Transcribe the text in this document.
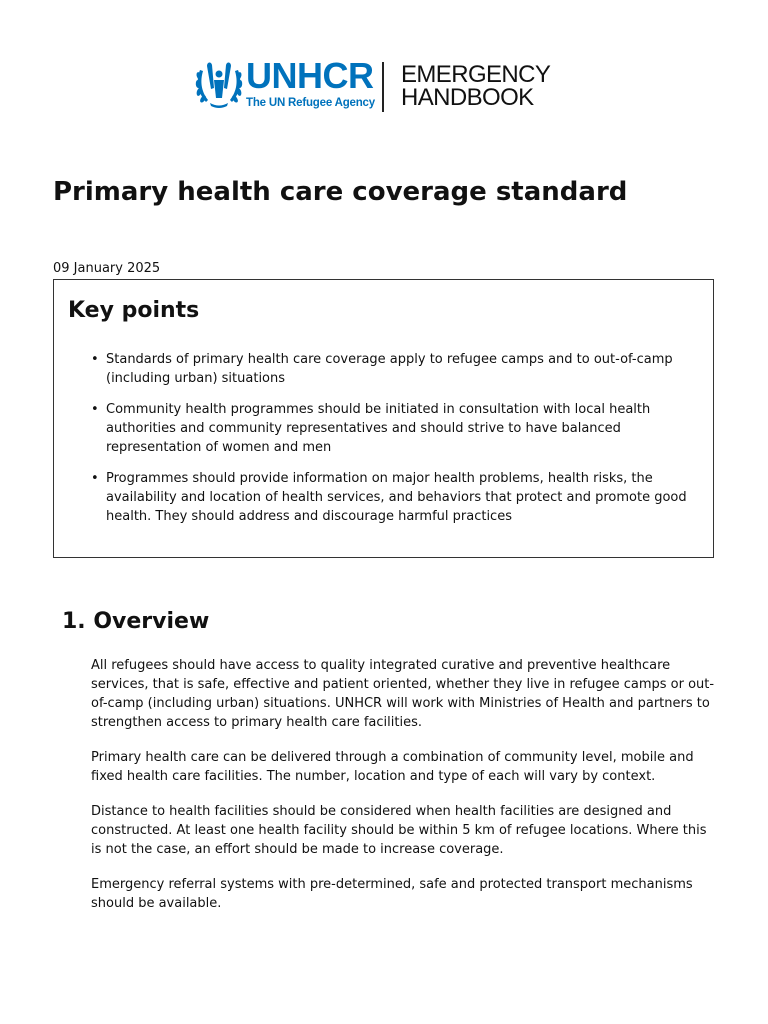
UNHCR
The UN Refugee Agency
EMERGENCY
HANDBOOK
Primary health care coverage standard

09 January 2025

Key points
• Standards of primary health care coverage apply to refugee camps and to out-of-camp (including urban) situations
• Community health programmes should be initiated in consultation with local health authorities and community representatives and should strive to have balanced representation of women and men
• Programmes should provide information on major health problems, health risks, the availability and location of health services, and behaviors that protect and promote good health. They should address and discourage harmful practices
1. Overview

All refugees should have access to quality integrated curative and preventive healthcare services, that is safe, effective and patient oriented, whether they live in refugee camps or out-of-camp (including urban) situations. UNHCR will work with Ministries of Health and partners to strengthen access to primary health care facilities.

Primary health care can be delivered through a combination of community level, mobile and fixed health care facilities. The number, location and type of each will vary by context.

Distance to health facilities should be considered when health facilities are designed and constructed. At least one health facility should be within 5 km of refugee locations. Where this is not the case, an effort should be made to increase coverage.

Emergency referral systems with pre-determined, safe and protected transport mechanisms should be available.
